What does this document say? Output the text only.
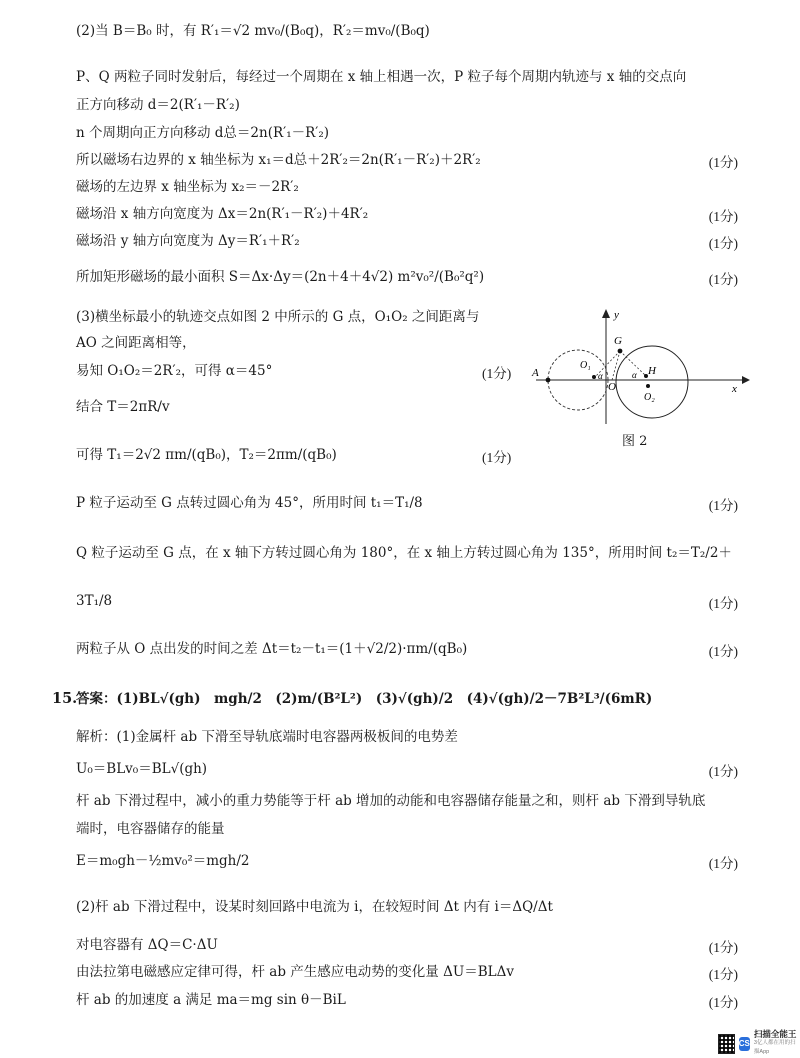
(2)当 B＝B₀ 时，有 R′₁＝√2 mv₀/(B₀q)，R′₂＝mv₀/(B₀q)
P、Q 两粒子同时发射后，每经过一个周期在 x 轴上相遇一次，P 粒子每个周期内轨迹与 x 轴的交点向
正方向移动 d＝2(R′₁－R′₂)
n 个周期向正方向移动 d总＝2n(R′₁－R′₂)
所以磁场右边界的 x 轴坐标为 x₁＝d总＋2R′₂＝2n(R′₁－R′₂)＋2R′₂	(1分)
磁场的左边界 x 轴坐标为 x₂＝－2R′₂
磁场沿 x 轴方向宽度为 Δx＝2n(R′₁－R′₂)＋4R′₂	(1分)
磁场沿 y 轴方向宽度为 Δy＝R′₁＋R′₂	(1分)
所加矩形磁场的最小面积 S＝Δx·Δy＝(2n＋4＋4√2) m²v₀²/(B₀²q²)	(1分)
(3)横坐标最小的轨迹交点如图 2 中所示的 G 点，O₁O₂ 之间距离与
AO 之间距离相等，
易知 O₁O₂＝2R′₂，可得 α＝45°	(1分)
结合 T＝2πR/v
可得 T₁＝2√2 πm/(qB₀)，T₂＝2πm/(qB₀)	(1分)
P 粒子运动至 G 点转过圆心角为 45°，所用时间 t₁＝T₁/8	(1分)
Q 粒子运动至 G 点，在 x 轴下方转过圆心角为 180°，在 x 轴上方转过圆心角为 135°，所用时间 t₂＝T₂/2＋
3T₁/8	(1分)
两粒子从 O 点出发的时间之差 Δt＝t₂－t₁＝(1＋√2/2)·πm/(qB₀)	(1分)
15.
答案：(1)BL√(gh)　mgh/2　(2)m/(B²L²)　(3)√(gh)/2　(4)√(gh)/2－7B²L³/(6mR)
解析：(1)金属杆 ab 下滑至导轨底端时电容器两极板间的电势差
U₀＝BLv₀＝BL√(gh)	(1分)
杆 ab 下滑过程中，减小的重力势能等于杆 ab 增加的动能和电容器储存能量之和，则杆 ab 下滑到导轨底
端时，电容器储存的能量
E＝m₀gh－½mv₀²＝mgh/2	(1分)
(2)杆 ab 下滑过程中，设某时刻回路中电流为 i，在较短时间 Δt 内有 i＝ΔQ/Δt
对电容器有 ΔQ＝C·ΔU	(1分)
由法拉第电磁感应定律可得，杆 ab 产生感应电动势的变化量 ΔU＝BLΔv	(1分)
杆 ab 的加速度 a 满足 ma＝mg sin θ－BiL	(1分)
y
x
A
O₁
O
G
H
O₂
α	α
图 2
CS
扫描全能王
3亿人都在用的扫描App
